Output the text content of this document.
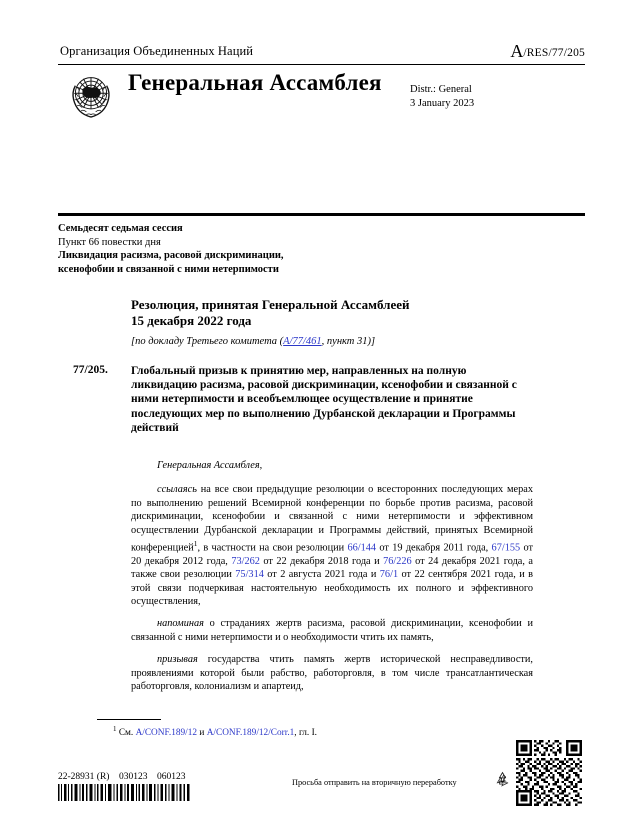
Организация Объединенных Наций	A/RES/77/205
Генеральная Ассамблея	Distr.: General
3 January 2023
Семьдесят седьмая сессия
Пункт 66 повестки дня
Ликвидация расизма, расовой дискриминации,
ксенофобии и связанной с ними нетерпимости
Резолюция, принятая Генеральной Ассамблеей
15 декабря 2022 года
[по докладу Третьего комитета (A/77/461, пункт 31)]
77/205. Глобальный призыв к принятию мер, направленных на полную ликвидацию расизма, расовой дискриминации, ксенофобии и связанной с ними нетерпимости и всеобъемлющее осуществление и принятие последующих мер по выполнению Дурбанской декларации и Программы действий

Генеральная Ассамблея,

ссылаясь на все свои предыдущие резолюции о всесторонних последующих мерах по выполнению решений Всемирной конференции по борьбе против расизма, расовой дискриминации, ксенофобии и связанной с ними нетерпимости и эффективном осуществлении Дурбанской декларации и Программы действий, принятых Всемирной конференцией$^1$, в частности на свои резолюции 66/144 от 19 декабря 2011 года, 67/155 от 20 декабря 2012 года, 73/262 от 22 декабря 2018 года и 76/226 от 24 декабря 2021 года, а также свои резолюции 75/314 от 2 августа 2021 года и 76/1 от 22 сентября 2021 года, и в этой связи подчеркивая настоятельную необходимость их полного и эффективного осуществления,

напоминая о страданиях жертв расизма, расовой дискриминации, ксенофобии и связанной с ними нетерпимости и о необходимости чтить их память,

призывая государства чтить память жертв исторической несправедливости, проявлениями которой были рабство, работорговля, в том числе трансатлантическая работорговля, колониализм и апартеид,

$^1$ См. A/CONF.189/12 и A/CONF.189/12/Corr.1, гл. I.
22-28931 (R)    030123    060123
Просьба отправить на вторичную переработку
